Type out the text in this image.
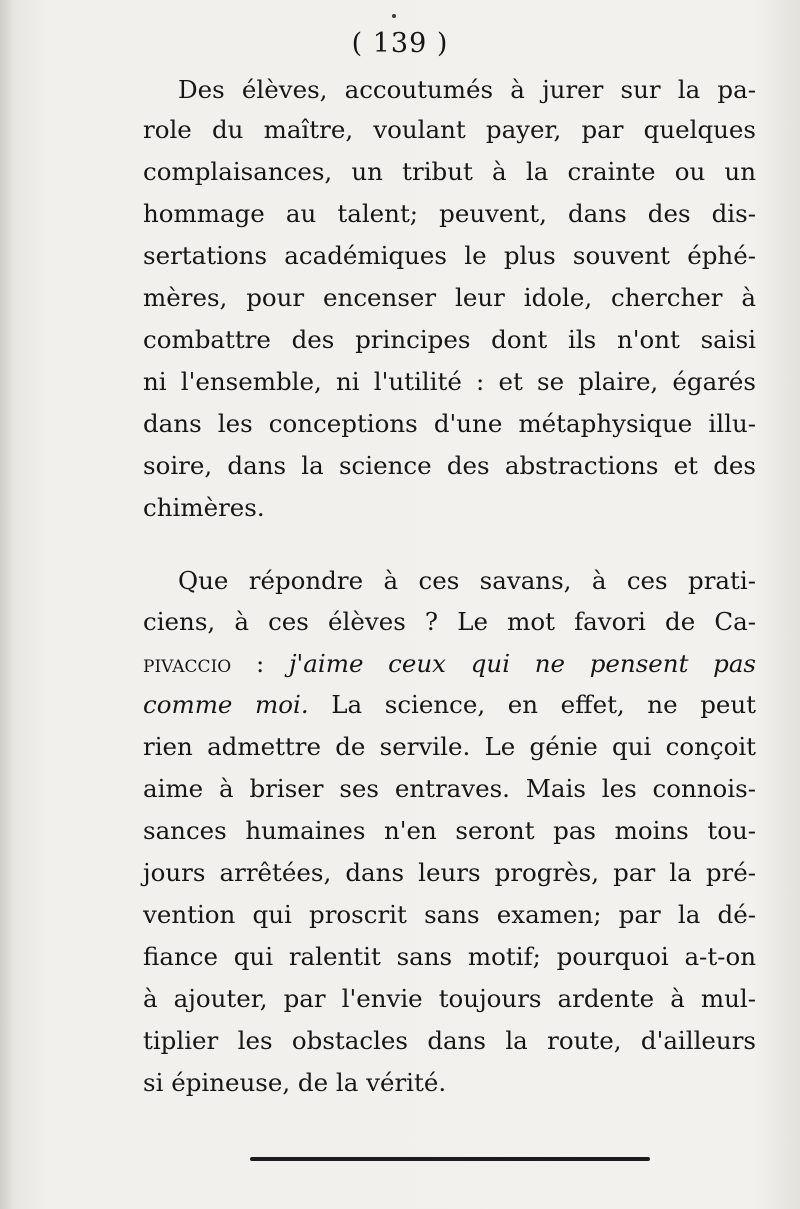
( 139 )
Des élèves, accoutumés à jurer sur la pa-
role du maître, voulant payer, par quelques
complaisances, un tribut à la crainte ou un
hommage au talent; peuvent, dans des dis-
sertations académiques le plus souvent éphé-
mères, pour encenser leur idole, chercher à
combattre des principes dont ils n'ont saisi
ni l'ensemble, ni l'utilité : et se plaire, égarés
dans les conceptions d'une métaphysique illu-
soire, dans la science des abstractions et des
chimères.
Que répondre à ces savans, à ces prati-
ciens, à ces élèves ? Le mot favori de Ca-
pivaccio : j'aime ceux qui ne pensent pas
comme moi. La science, en effet, ne peut
rien admettre de servile. Le génie qui conçoit
aime à briser ses entraves. Mais les connois-
sances humaines n'en seront pas moins tou-
jours arrêtées, dans leurs progrès, par la pré-
vention qui proscrit sans examen; par la dé-
fiance qui ralentit sans motif; pourquoi a-t-on
à ajouter, par l'envie toujours ardente à mul-
tiplier les obstacles dans la route, d'ailleurs
si épineuse, de la vérité.
